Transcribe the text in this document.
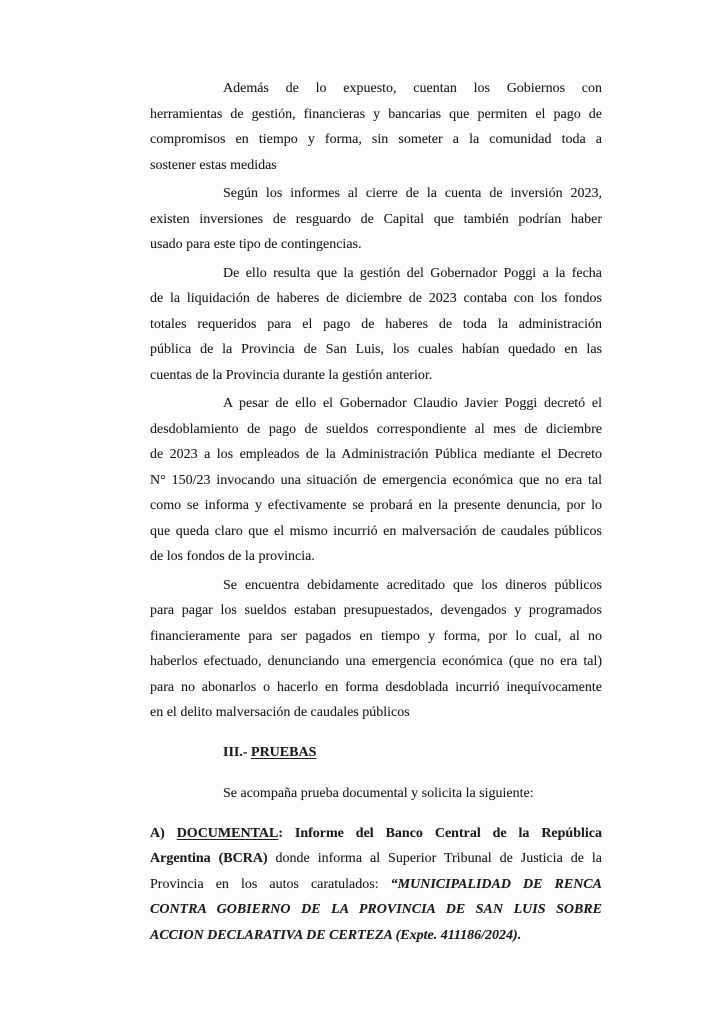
Además de lo expuesto, cuentan los Gobiernos con
herramientas de gestión, financieras y bancarias que permiten el pago de
compromisos en tiempo y forma, sin someter a la comunidad toda a
sostener estas medidas

Según los informes al cierre de la cuenta de inversión 2023,
existen inversiones de resguardo de Capital que también podrían haber
usado para este tipo de contingencias.

De ello resulta que la gestión del Gobernador Poggi a la fecha
de la liquidación de haberes de diciembre de 2023 contaba con los fondos
totales requeridos para el pago de haberes de toda la administración
pública de la Provincia de San Luis, los cuales habían quedado en las
cuentas de la Provincia durante la gestión anterior.

A pesar de ello el Gobernador Claudio Javier Poggi decretó el
desdoblamiento de pago de sueldos correspondiente al mes de diciembre
de 2023 a los empleados de la Administración Pública mediante el Decreto
N° 150/23 invocando una situación de emergencia económica que no era tal
como se informa y efectivamente se probará en la presente denuncia, por lo
que queda claro que el mismo incurrió en malversación de caudales públicos
de los fondos de la provincia.

Se encuentra debidamente acreditado que los dineros públicos
para pagar los sueldos estaban presupuestados, devengados y programados
financieramente para ser pagados en tiempo y forma, por lo cual, al no
haberlos efectuado, denunciando una emergencia económica (que no era tal)
para no abonarlos o hacerlo en forma desdoblada incurrió inequívocamente
en el delito malversación de caudales públicos

III.- PRUEBAS

Se acompaña prueba documental y solicita la siguiente:

A) DOCUMENTAL: Informe del Banco Central de la República
Argentina (BCRA) donde informa al Superior Tribunal de Justicia de la
Provincia en los autos caratulados: “MUNICIPALIDAD DE RENCA
CONTRA GOBIERNO DE LA PROVINCIA DE SAN LUIS SOBRE
ACCION DECLARATIVA DE CERTEZA (Expte. 411186/2024).
